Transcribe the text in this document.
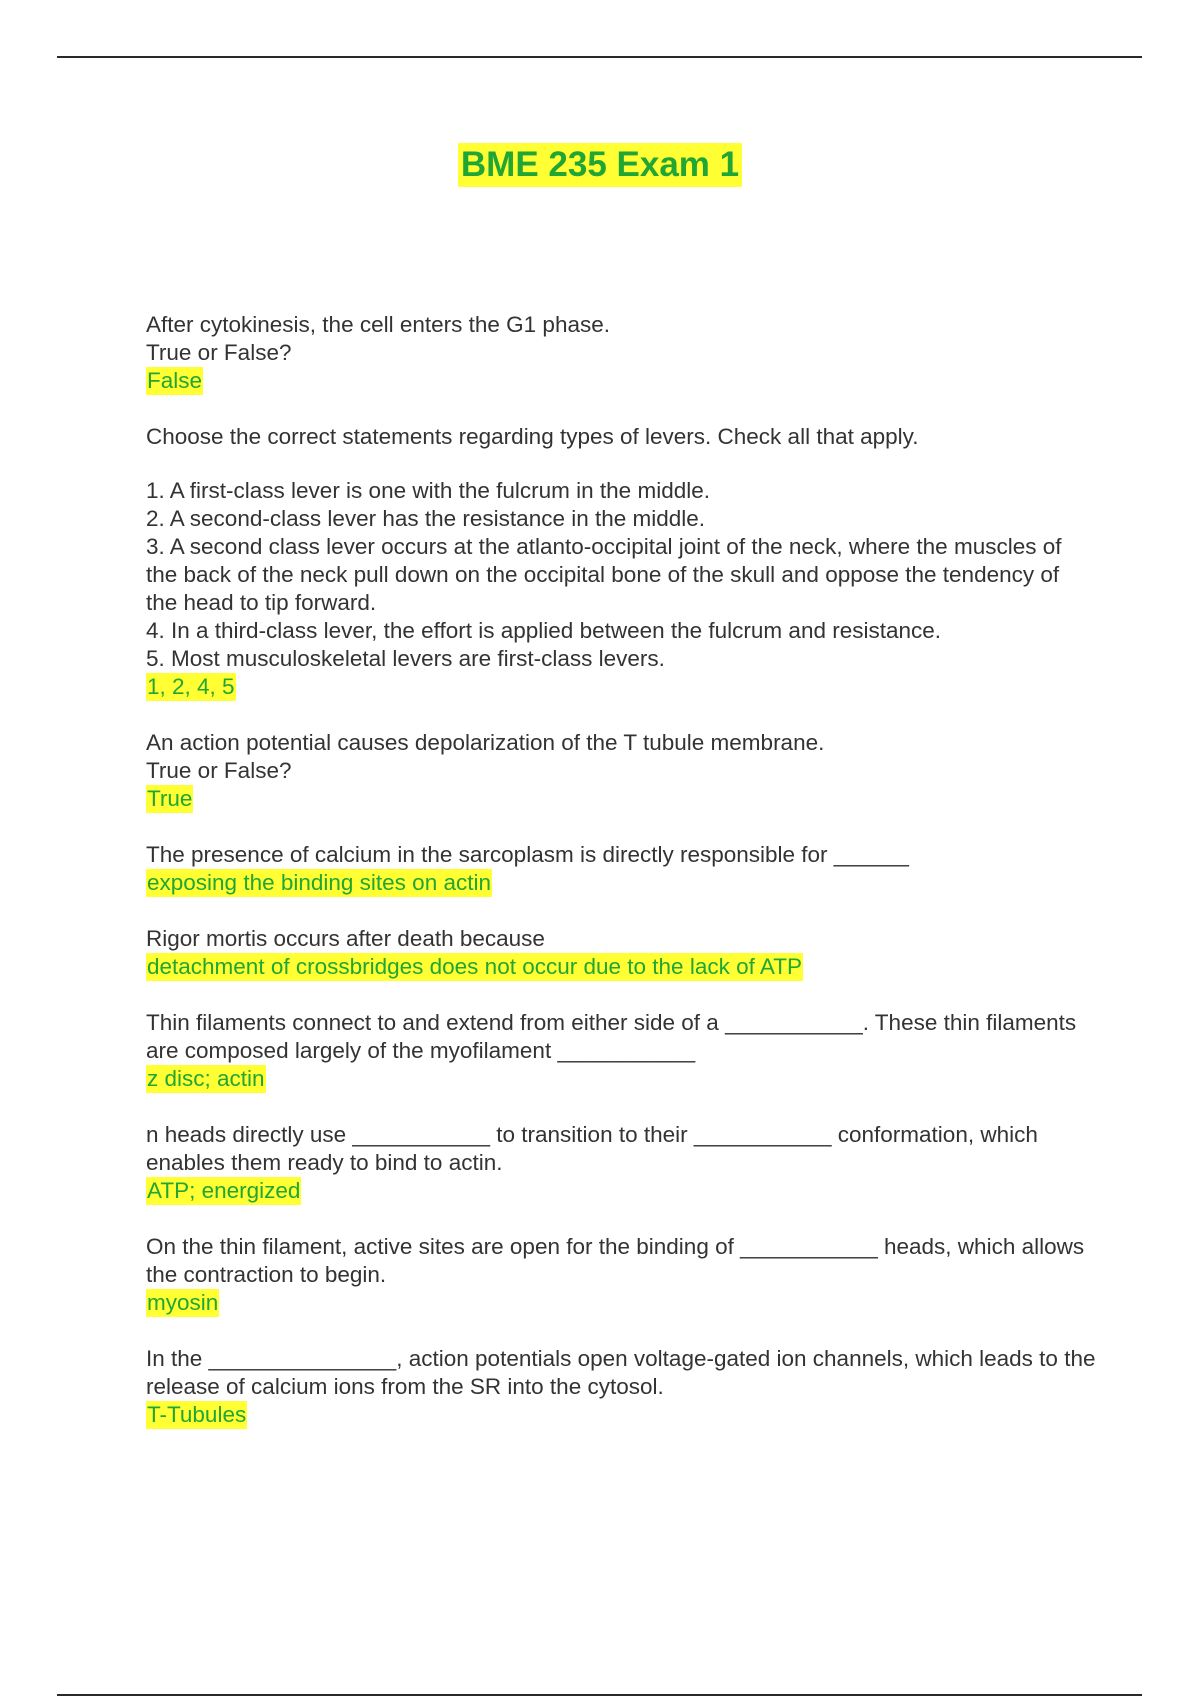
BME 235 Exam 1
After cytokinesis, the cell enters the G1 phase.
True or False?
False
Choose the correct statements regarding types of levers. Check all that apply.
1. A first-class lever is one with the fulcrum in the middle.
2. A second-class lever has the resistance in the middle.
3. A second class lever occurs at the atlanto-occipital joint of the neck, where the muscles of the back of the neck pull down on the occipital bone of the skull and oppose the tendency of the head to tip forward.
4. In a third-class lever, the effort is applied between the fulcrum and resistance.
5. Most musculoskeletal levers are first-class levers.
1, 2, 4, 5
An action potential causes depolarization of the T tubule membrane.
True or False?
True
The presence of calcium in the sarcoplasm is directly responsible for ______
exposing the binding sites on actin
Rigor mortis occurs after death because
detachment of crossbridges does not occur due to the lack of ATP
Thin filaments connect to and extend from either side of a ___________. These thin filaments are composed largely of the myofilament ___________
z disc; actin
n heads directly use ___________ to transition to their ___________ conformation, which enables them ready to bind to actin.
ATP; energized
On the thin filament, active sites are open for the binding of ___________ heads, which allows the contraction to begin.
myosin
In the _______________, action potentials open voltage-gated ion channels, which leads to the release of calcium ions from the SR into the cytosol.
T-Tubules
